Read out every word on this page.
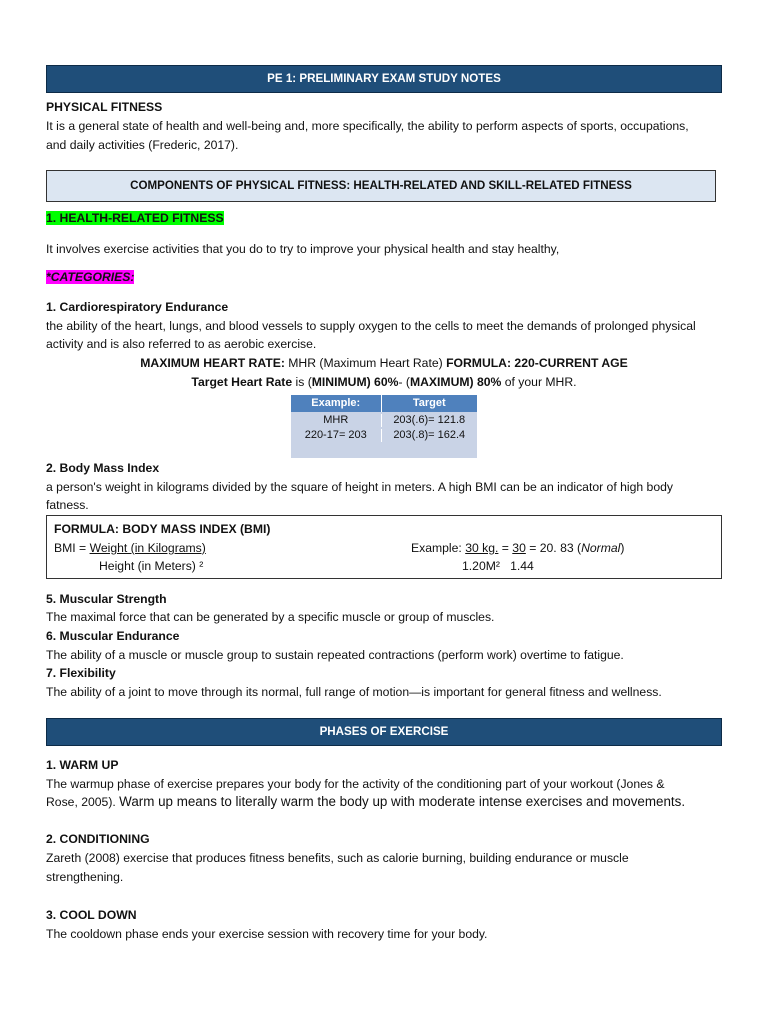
PE 1: PRELIMINARY EXAM STUDY NOTES
PHYSICAL FITNESS
It is a general state of health and well-being and, more specifically, the ability to perform aspects of sports, occupations,
and daily activities (Frederic, 2017).
COMPONENTS OF PHYSICAL FITNESS: HEALTH-RELATED AND SKILL-RELATED FITNESS
1. HEALTH-RELATED FITNESS
It involves exercise activities that you do to try to improve your physical health and stay healthy,
*CATEGORIES:
1. Cardiorespiratory Endurance
the ability of the heart, lungs, and blood vessels to supply oxygen to the cells to meet the demands of prolonged physical
activity and is also referred to as aerobic exercise.
MAXIMUM HEART RATE: MHR (Maximum Heart Rate) FORMULA: 220-CURRENT AGE
Target Heart Rate is (MINIMUM) 60%- (MAXIMUM) 80% of your MHR.
Example:	Target
MHR	203(.6)= 121.8
220-17= 203	203(.8)= 162.4
2. Body Mass Index
a person's weight in kilograms divided by the square of height in meters. A high BMI can be an indicator of high body
fatness.
FORMULA: BODY MASS INDEX (BMI)
BMI = Weight (in Kilograms)
Height (in Meters) ²
Example: 30 kg. = 30 = 20. 83 (Normal)
1.20M²   1.44
5. Muscular Strength
The maximal force that can be generated by a specific muscle or group of muscles.
6. Muscular Endurance
The ability of a muscle or muscle group to sustain repeated contractions (perform work) overtime to fatigue.
7. Flexibility
The ability of a joint to move through its normal, full range of motion—is important for general fitness and wellness.
PHASES OF EXERCISE
1. WARM UP
The warmup phase of exercise prepares your body for the activity of the conditioning part of your workout (Jones &
Rose, 2005). Warm up means to literally warm the body up with moderate intense exercises and movements.
2. CONDITIONING
Zareth (2008) exercise that produces fitness benefits, such as calorie burning, building endurance or muscle
strengthening.
3. COOL DOWN
The cooldown phase ends your exercise session with recovery time for your body.
